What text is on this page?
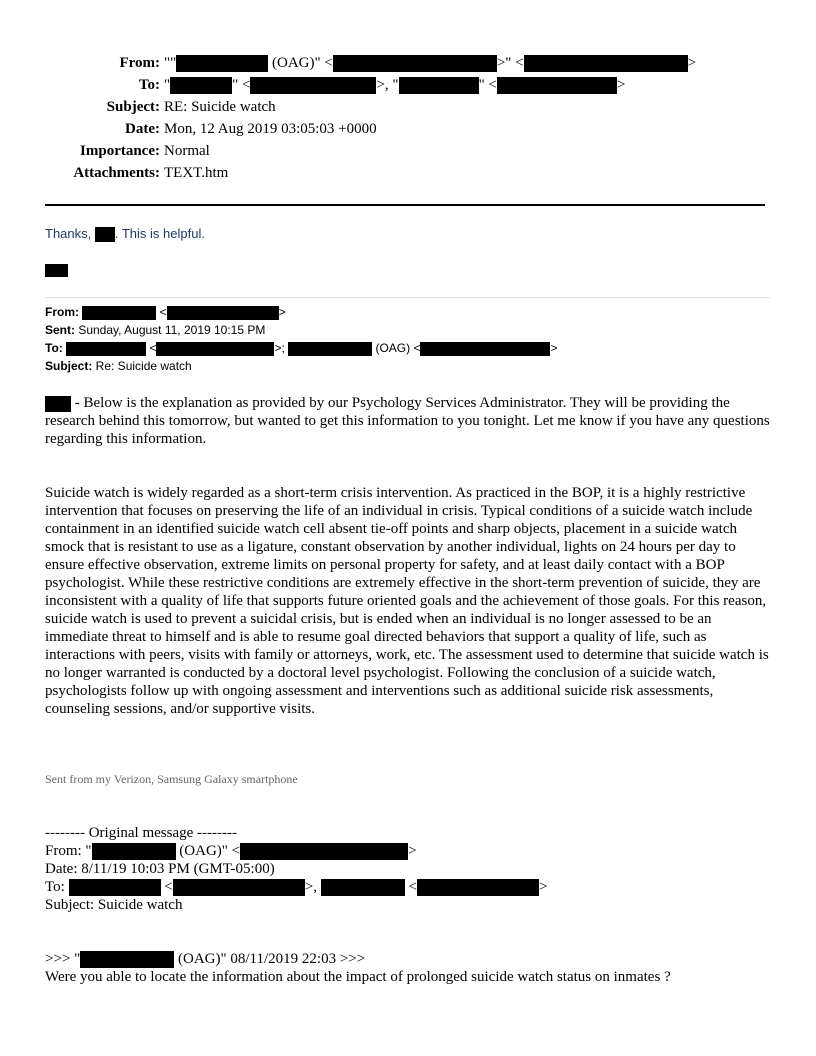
From: ""	(OAG)" <	>" <	>
To: "	" <	>, "	" <	>
Subject: RE: Suicide watch
Date: Mon, 12 Aug 2019 03:05:03 +0000
Importance: Normal
Attachments: TEXT.htm
Thanks, . This is helpful.
From:	<	>
Sent: Sunday, August 11, 2019 10:15 PM
To:	<	>;	(OAG) <	>
Subject: Re: Suicide watch
- Below is the explanation as provided by our Psychology Services Administrator. They will be providing the research behind this tomorrow, but wanted to get this information to you tonight. Let me know if you have any questions regarding this information.
Suicide watch is widely regarded as a short-term crisis intervention. As practiced in the BOP, it is a highly restrictive intervention that focuses on preserving the life of an individual in crisis. Typical conditions of a suicide watch include containment in an identified suicide watch cell absent tie-off points and sharp objects, placement in a suicide watch smock that is resistant to use as a ligature, constant observation by another individual, lights on 24 hours per day to ensure effective observation, extreme limits on personal property for safety, and at least daily contact with a BOP psychologist. While these restrictive conditions are extremely effective in the short-term prevention of suicide, they are inconsistent with a quality of life that supports future oriented goals and the achievement of those goals. For this reason, suicide watch is used to prevent a suicidal crisis, but is ended when an individual is no longer assessed to be an immediate threat to himself and is able to resume goal directed behaviors that support a quality of life, such as interactions with peers, visits with family or attorneys, work, etc. The assessment used to determine that suicide watch is no longer warranted is conducted by a doctoral level psychologist. Following the conclusion of a suicide watch, psychologists follow up with ongoing assessment and interventions such as additional suicide risk assessments, counseling sessions, and/or supportive visits.
Sent from my Verizon, Samsung Galaxy smartphone
-------- Original message --------
From: "	(OAG)" <	>
Date: 8/11/19 10:03 PM (GMT-05:00)
To:	<	>,	<	>
Subject: Suicide watch
>>> "	(OAG)" 08/11/2019 22:03 >>>
Were you able to locate the information about the impact of prolonged suicide watch status on inmates ?
